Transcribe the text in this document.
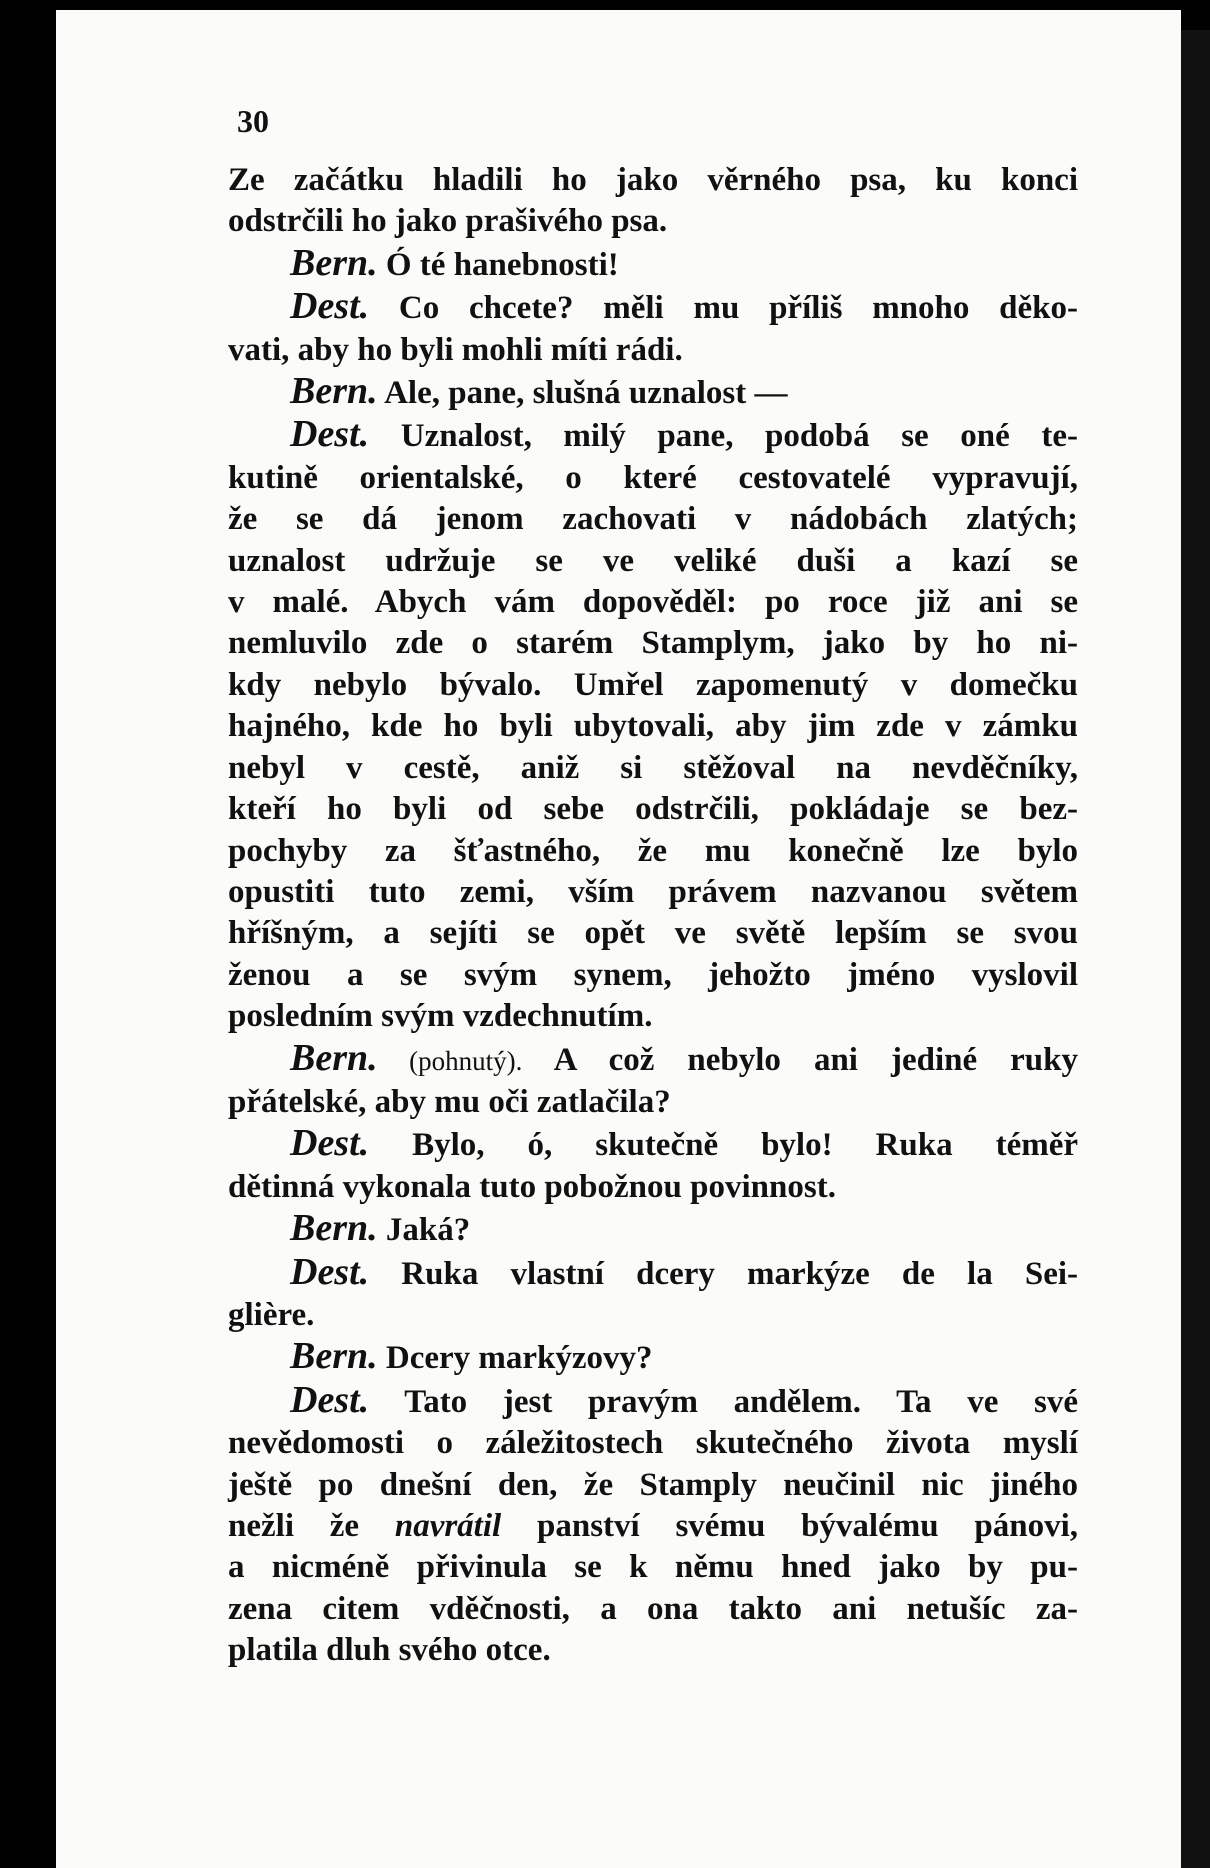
30
Ze začátku hladili ho jako věrného psa, ku konci
odstrčili ho jako prašivého psa.
Bern. Ó té hanebnosti!
Dest. Co chcete? měli mu příliš mnoho děko-
vati, aby ho byli mohli míti rádi.
Bern. Ale, pane, slušná uznalost —
Dest. Uznalost, milý pane, podobá se oné te-
kutině orientalské, o které cestovatelé vypravují,
že se dá jenom zachovati v nádobách zlatých;
uznalost udržuje se ve veliké duši a kazí se
v malé. Abych vám dopověděl: po roce již ani se
nemluvilo zde o starém Stamplym, jako by ho ni-
kdy nebylo bývalo. Umřel zapomenutý v domečku
hajného, kde ho byli ubytovali, aby jim zde v zámku
nebyl v cestě, aniž si stěžoval na nevděčníky,
kteří ho byli od sebe odstrčili, pokládaje se bez-
pochyby za šťastného, že mu konečně lze bylo
opustiti tuto zemi, vším právem nazvanou světem
hříšným, a sejíti se opět ve světě lepším se svou
ženou a se svým synem, jehožto jméno vyslovil
posledním svým vzdechnutím.
Bern. (pohnutý). A což nebylo ani jediné ruky
přátelské, aby mu oči zatlačila?
Dest. Bylo, ó, skutečně bylo! Ruka téměř
dětinná vykonala tuto pobožnou povinnost.
Bern. Jaká?
Dest. Ruka vlastní dcery markýze de la Sei-
glière.
Bern. Dcery markýzovy?
Dest. Tato jest pravým andělem. Ta ve své
nevědomosti o záležitostech skutečného života myslí
ještě po dnešní den, že Stamply neučinil nic jiného
nežli že navrátil panství svému bývalému pánovi,
a nicméně přivinula se k němu hned jako by pu-
zena citem vděčnosti, a ona takto ani netušíc za-
platila dluh svého otce.
